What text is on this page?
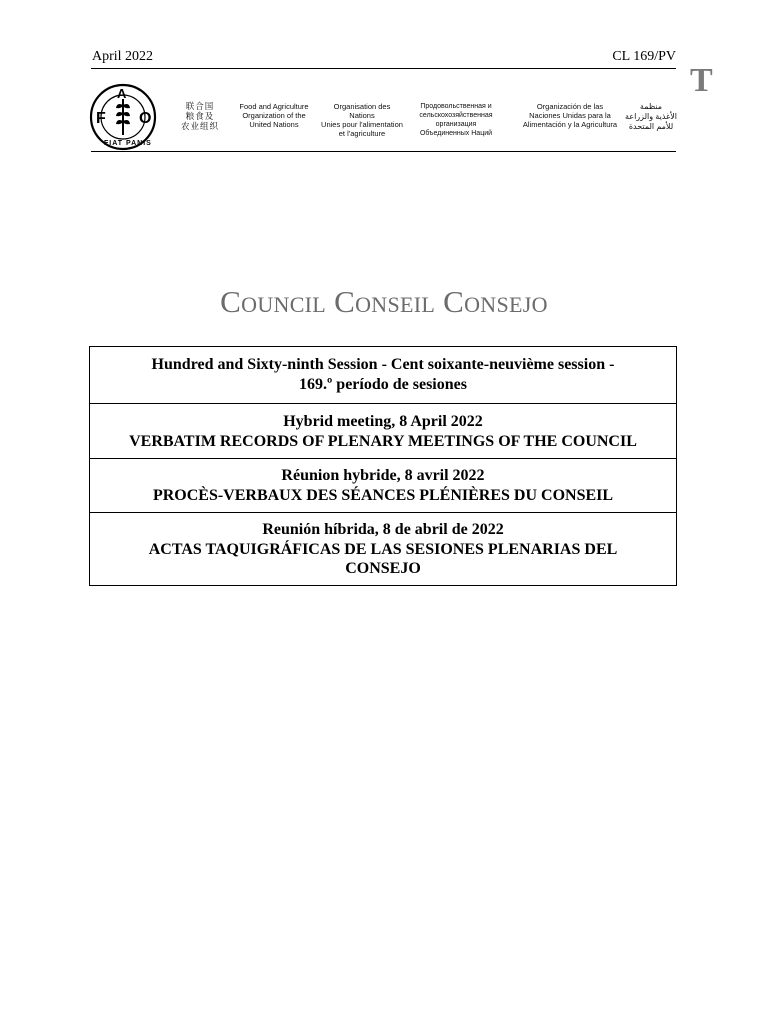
April 2022	CL 169/PV
T
F
A
O
FIAT PANIS
联合国
粮食及
农业组织
Food and Agriculture
Organization of the
United Nations
Organisation des Nations
Unies pour l'alimentation
et l'agriculture
Продовольственная и
сельскохозяйственная организация
Объединенных Наций
Organización de las
Naciones Unidas para la
Alimentación y la Agricultura
منظمة
الأغذية والزراعة
للأمم المتحدة
Council Conseil Consejo
Hundred and Sixty-ninth Session - Cent soixante-neuvième session -
169.º período de sesiones
Hybrid meeting, 8 April 2022
VERBATIM RECORDS OF PLENARY MEETINGS OF THE COUNCIL
Réunion hybride, 8 avril 2022
PROCÈS-VERBAUX DES SÉANCES PLÉNIÈRES DU CONSEIL
Reunión híbrida, 8 de abril de 2022
ACTAS TAQUIGRÁFICAS DE LAS SESIONES PLENARIAS DEL
CONSEJO
